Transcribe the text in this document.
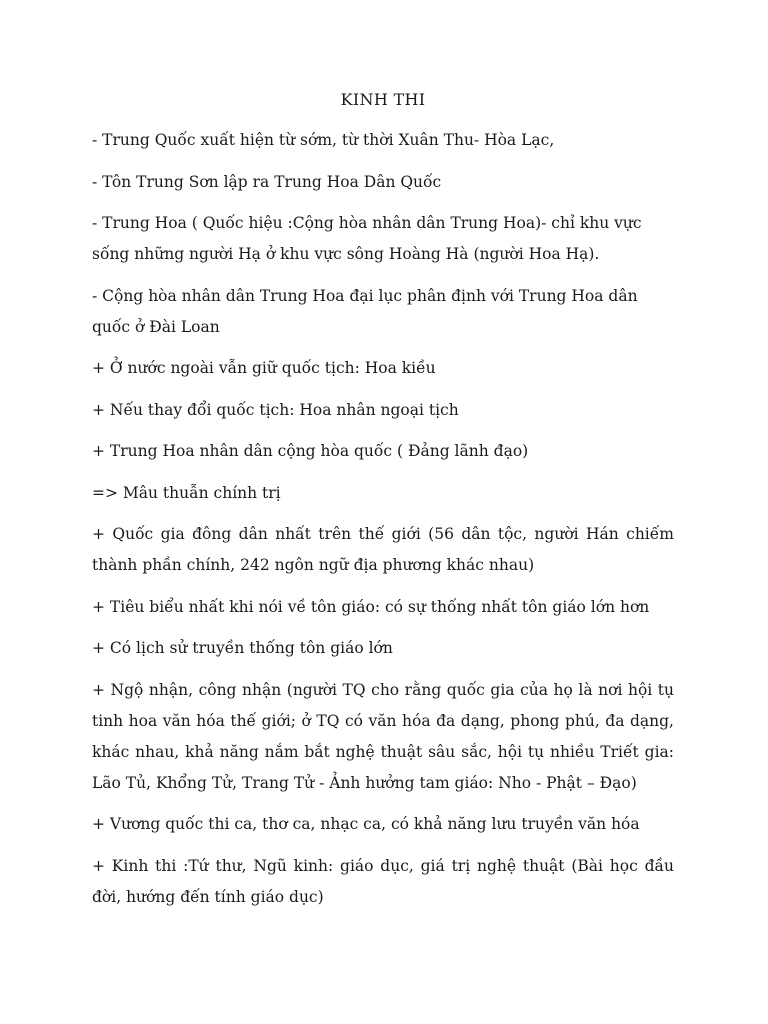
KINH THI
- Trung Quốc xuất hiện từ sớm, từ thời Xuân Thu- Hòa Lạc,
- Tôn Trung Sơn lập ra Trung Hoa Dân Quốc
- Trung Hoa ( Quốc hiệu :Cộng hòa nhân dân Trung Hoa)- chỉ khu vực sống những người Hạ ở khu vực sông Hoàng Hà (người Hoa Hạ).
- Cộng hòa nhân dân Trung Hoa đại lục phân định với Trung Hoa dân quốc ở Đài Loan
+ Ở nước ngoài vẫn giữ quốc tịch: Hoa kiều
+ Nếu thay đổi quốc tịch: Hoa nhân ngoại tịch
+ Trung Hoa nhân dân cộng hòa quốc ( Đảng lãnh đạo)
=> Mâu thuẫn chính trị
+ Quốc gia đông dân nhất trên thế giới (56 dân tộc, người Hán chiếm thành phần chính, 242 ngôn ngữ địa phương khác nhau)
+ Tiêu biểu nhất khi nói về tôn giáo: có sự thống nhất tôn giáo lớn hơn
+ Có lịch sử truyền thống tôn giáo lớn
+ Ngộ nhận, công nhận (người TQ cho rằng quốc gia của họ là nơi hội tụ tinh hoa văn hóa thế giới; ở TQ có văn hóa đa dạng, phong phú, đa dạng, khác nhau, khả năng nắm bắt nghệ thuật sâu sắc, hội tụ nhiều Triết gia: Lão Tủ, Khổng Tử, Trang Tử - Ảnh hưởng tam giáo: Nho - Phật – Đạo)
+ Vương quốc thi ca, thơ ca, nhạc ca, có khả năng lưu truyền văn hóa
+ Kinh thi :Tứ thư, Ngũ kinh: giáo dục, giá trị nghệ thuật (Bài học đầu đời, hướng đến tính giáo dục)
